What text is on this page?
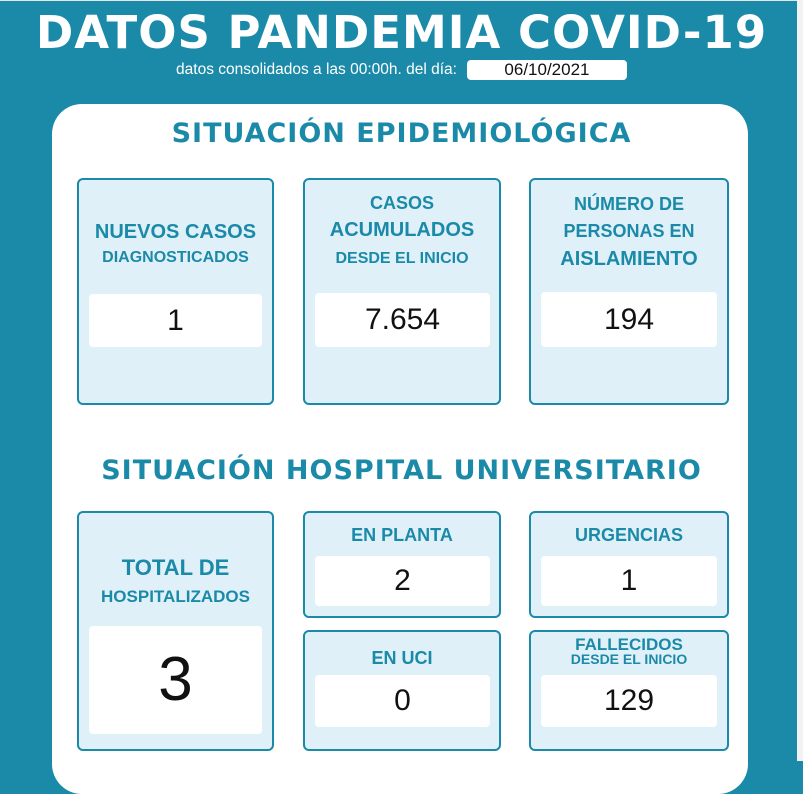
DATOS PANDEMIA COVID-19
datos consolidados a las 00:00h. del día:	06/10/2021
SITUACIÓN EPIDEMIOLÓGICA
NUEVOS CASOS
DIAGNOSTICADOS
1
CASOS
ACUMULADOS
DESDE EL INICIO
7.654
NÚMERO DE
PERSONAS EN
AISLAMIENTO
194
SITUACIÓN HOSPITAL UNIVERSITARIO
TOTAL DE
HOSPITALIZADOS
3
EN PLANTA
2
URGENCIAS
1
EN UCI
0
FALLECIDOS
DESDE EL INICIO
129
